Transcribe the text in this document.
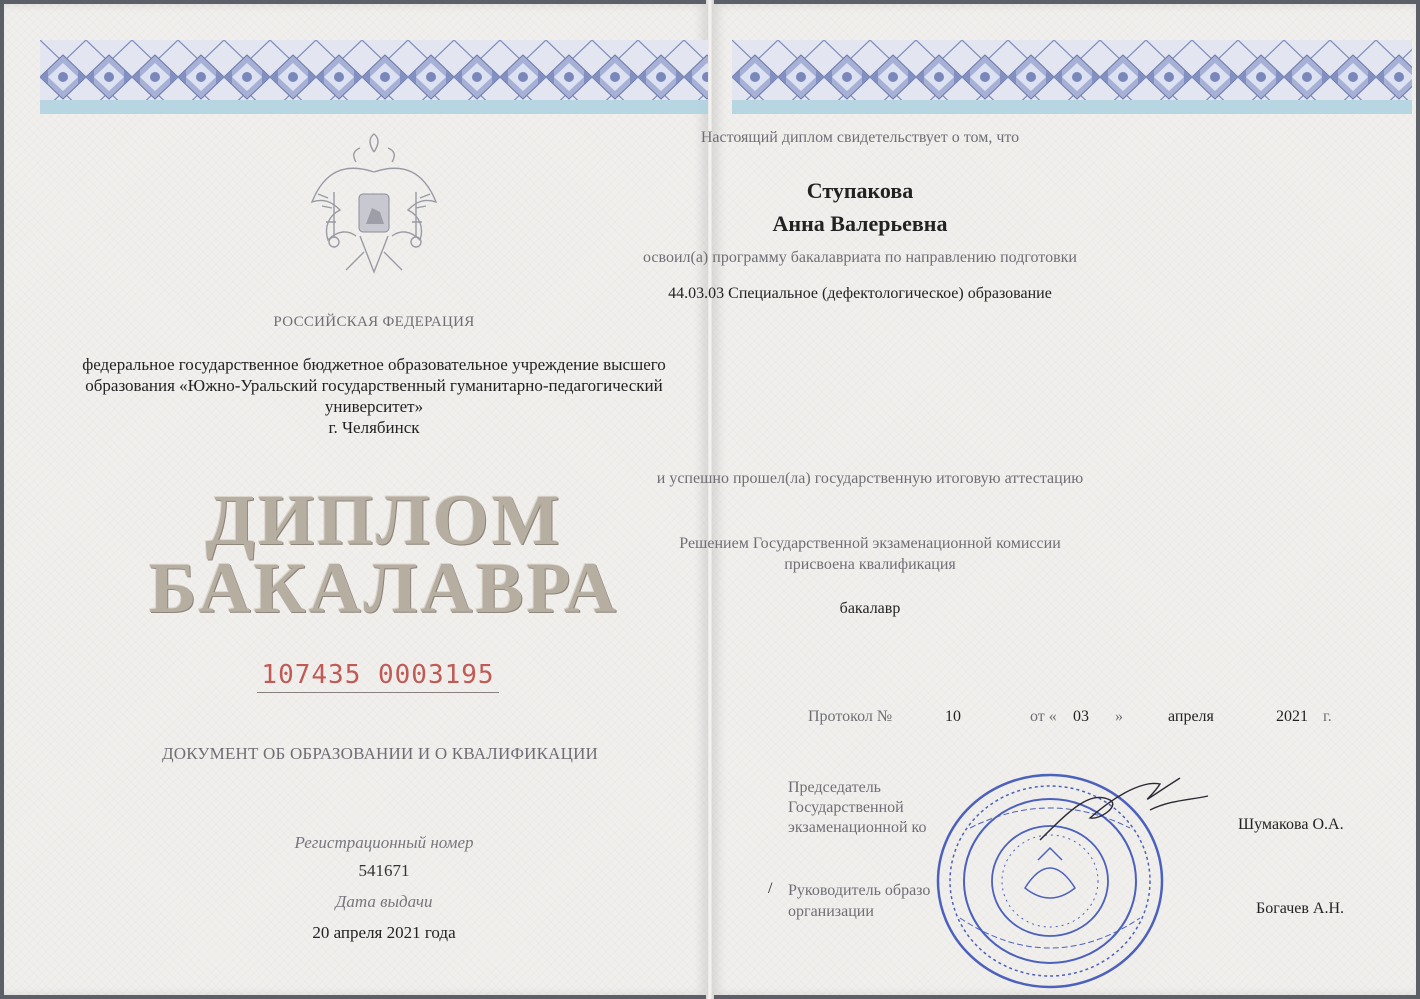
РОССИЙСКАЯ ФЕДЕРАЦИЯ
федеральное государственное бюджетное образовательное учреждение высшего
образования «Южно-Уральский государственный гуманитарно-педагогический
университет»
г. Челябинск
ДИПЛОМ
БАКАЛАВРА
107435 0003195
ДОКУМЕНТ ОБ ОБРАЗОВАНИИ И О КВАЛИФИКАЦИИ
Регистрационный номер
541671
Дата выдачи
20 апреля 2021 года
Настоящий диплом свидетельствует о том, что
Ступакова
Анна Валерьевна
освоил(а) программу бакалавриата по направлению подготовки
44.03.03 Специальное (дефектологическое) образование
и успешно прошел(ла) государственную итоговую аттестацию
Решением Государственной экзаменационной комиссии
присвоена квалификация
бакалавр
Протокол №	10	от « 03 »	апреля	2021 г.
Председатель
Государственной
экзаменационной ко	Шумакова О.А.
/ Руководитель образо
организации	Богачев А.Н.
